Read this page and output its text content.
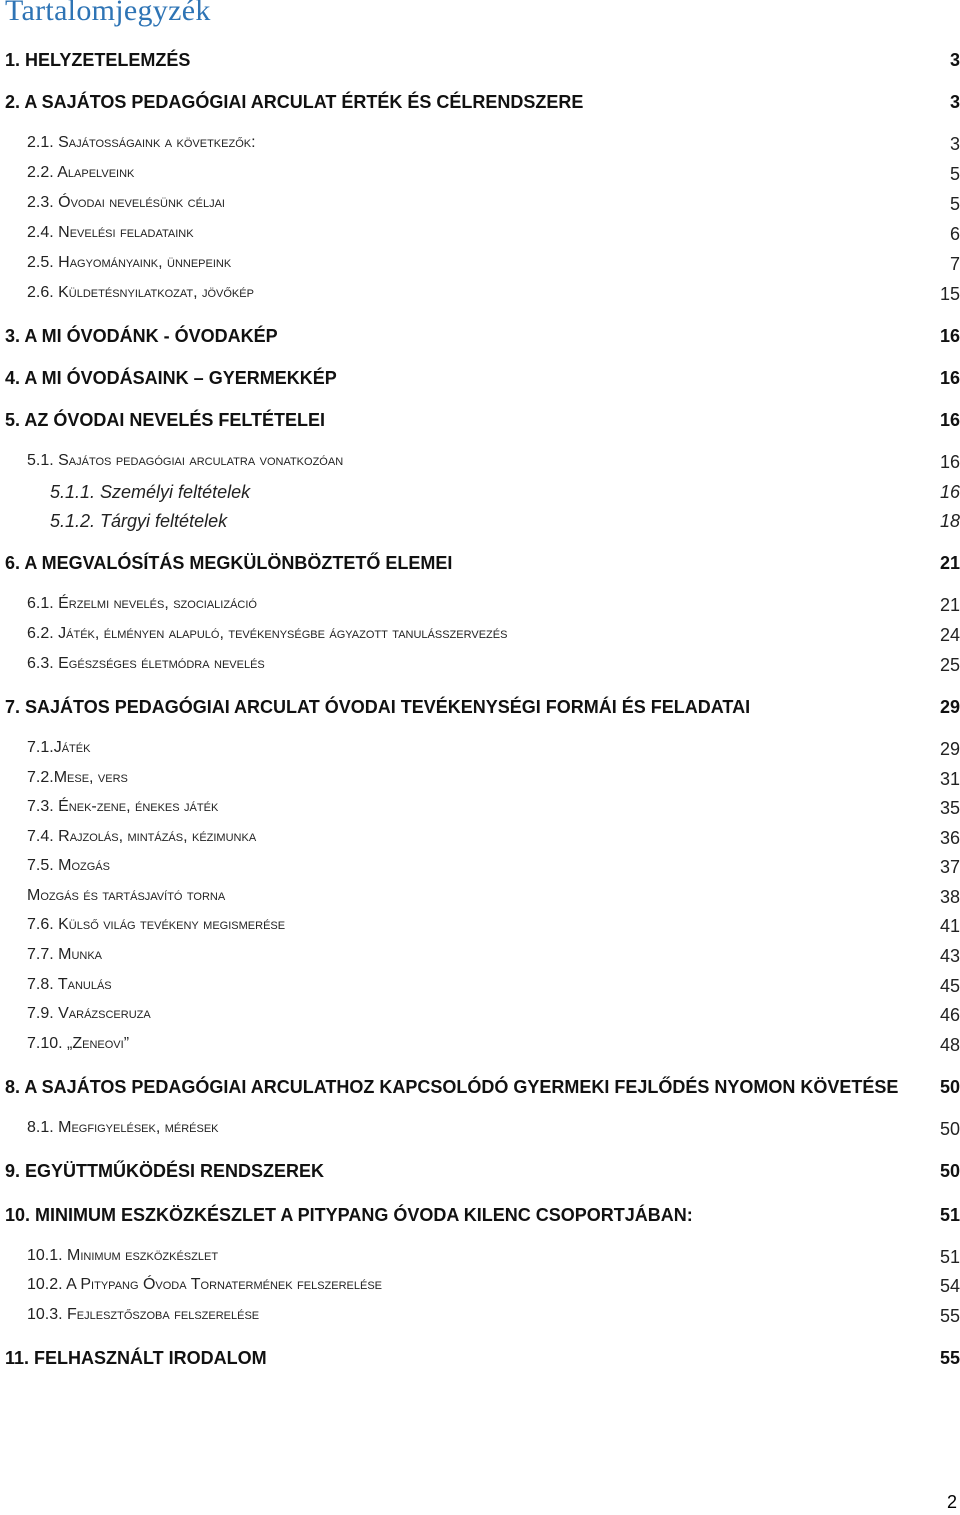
Tartalomjegyzék
1. HELYZETELEMZÉS	3
2. A SAJÁTOS PEDAGÓGIAI ARCULAT ÉRTÉK ÉS CÉLRENDSZERE	3
2.1. Sajátosságaink a következők:	3
2.2. Alapelveink	5
2.3. Óvodai nevelésünk céljai	5
2.4. Nevelési feladataink	6
2.5. Hagyományaink, ünnepeink	7
2.6. Küldetésnyilatkozat, jövőkép	15
3. A MI ÓVODÁNK - ÓVODAKÉP	16
4. A MI ÓVODÁSAINK – GYERMEKKÉP	16
5. AZ ÓVODAI NEVELÉS FELTÉTELEI	16
5.1. Sajátos pedagógiai arculatra vonatkozóan	16
5.1.1. Személyi feltételek	16
5.1.2. Tárgyi feltételek	18
6. A MEGVALÓSÍTÁS MEGKÜLÖNBÖZTETŐ ELEMEI	21
6.1. Érzelmi nevelés, szocializáció	21
6.2. Játék, élményen alapuló, tevékenységbe ágyazott tanulásszervezés	24
6.3. Egészséges életmódra nevelés	25
7. SAJÁTOS PEDAGÓGIAI ARCULAT ÓVODAI TEVÉKENYSÉGI FORMÁI ÉS FELADATAI	29
7.1.Játék	29
7.2.Mese, vers	31
7.3. Ének-zene, énekes játék	35
7.4. Rajzolás, mintázás, kézimunka	36
7.5. Mozgás	37
Mozgás és tartásjavító torna	38
7.6. Külső világ tevékeny megismerése	41
7.7. Munka	43
7.8. Tanulás	45
7.9. Varázsceruza	46
7.10. „Zeneovi”	48
8. A SAJÁTOS PEDAGÓGIAI ARCULATHOZ KAPCSOLÓDÓ GYERMEKI FEJLŐDÉS NYOMON KÖVETÉSE 50
8.1. Megfigyelések, mérések	50
9. EGYÜTTMŰKÖDÉSI RENDSZEREK	50
10. MINIMUM ESZKÖZKÉSZLET A PITYPANG ÓVODA KILENC CSOPORTJÁBAN:	51
10.1. Minimum eszközkészlet	51
10.2. A Pitypang Óvoda Tornatermének felszerelése	54
10.3. Fejlesztőszoba felszerelése	55
11. FELHASZNÁLT IRODALOM	55
2
